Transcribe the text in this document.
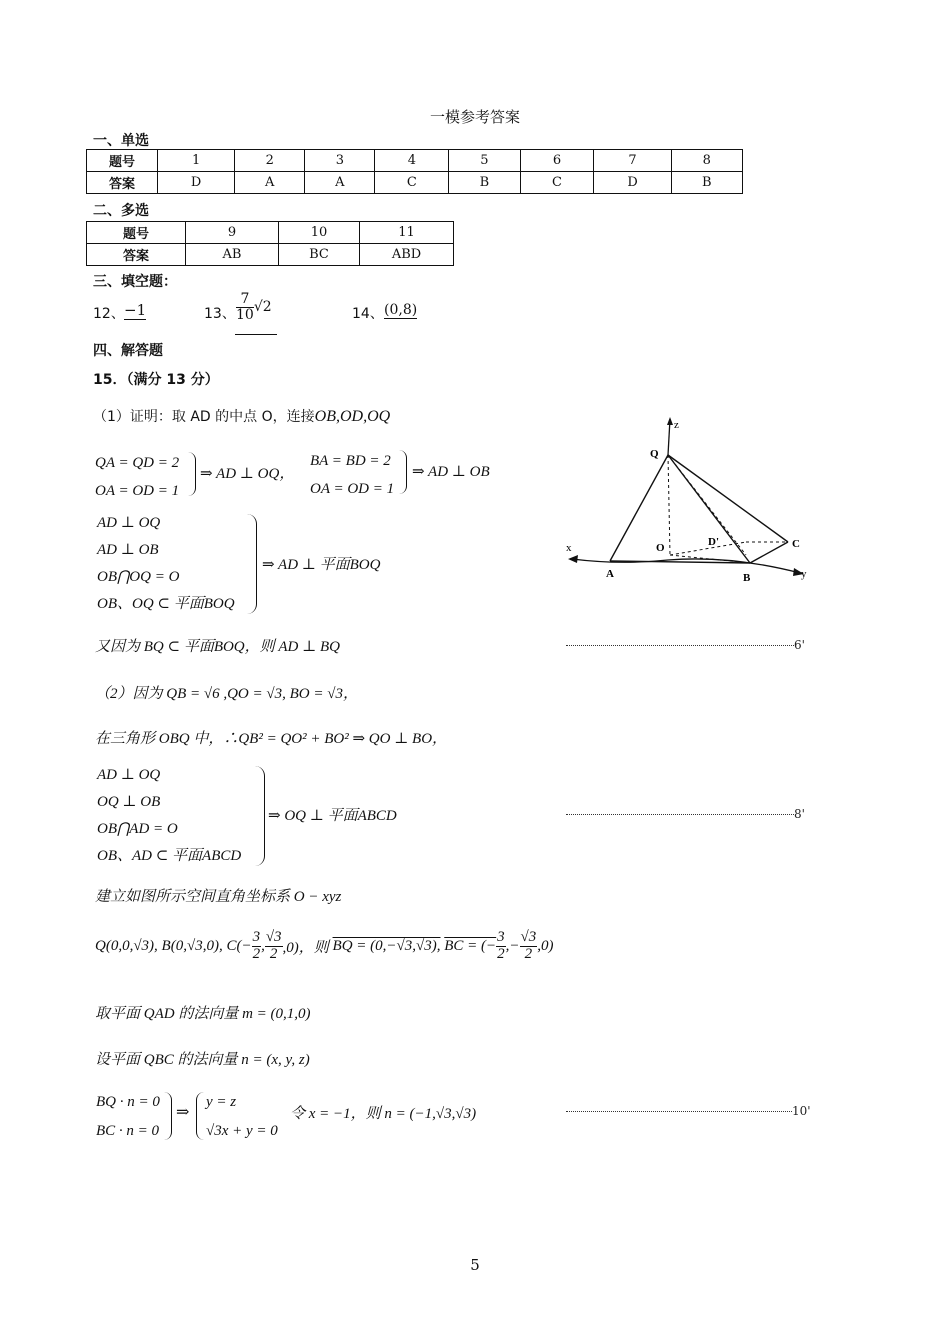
一模参考答案
一、单选
题号	1	2	3	4	5	6	7	8
答案	D	A	A	C	B	C	D	B
二、多选
题号	9	10	11
答案	AB	BC	ABD
三、填空题：
12、 −1	13、 $\frac{7}{10} √2$	14、 (0,8)
四、解答题
15．（满分 13 分）
（1）证明：取 AD 的中点 O，连接OB,OD,OQ
QA = QD = 2
OA = OD = 1
⇒ AD ⊥ OQ，
BA = BD = 2
OA = OD = 1
⇒ AD ⊥ OB
AD ⊥ OQ
AD ⊥ OB
OB⋂OQ = O
OB、OQ ⊂ 平面BOQ
⇒ AD ⊥ 平面BOQ
又因为 BQ ⊂ 平面BOQ，则 AD ⊥ BQ	6'
（2）因为 QB = √6 ,QO = √3, BO = √3，
在三角形 OBQ 中，∴QB² = QO² + BO² ⇒ QO ⊥ BO，
AD ⊥ OQ
OQ ⊥ OB
OB⋂AD = O
OB、AD ⊂ 平面ABCD
⇒ OQ ⊥ 平面ABCD	8'
建立如图所示空间直角坐标系 O − xyz
Q(0,0,√3), B(0,√3,0), $C(- \frac{3}{2}$ , $\frac{√3}{2} ,0$)，则 BQ = (0,−√3,√3), BC = (− $\frac{3}{2}$ ,− $\frac{√3}{2} ,0$)
取平面 QAD 的法向量 m = (0,1,0)
设平面 QBC 的法向量 n = (x, y, z)
BQ · n = 0
BC · n = 0
⇒
y = z
√3x + y = 0
令 x = −1，则 n = (−1,√3,√3)	10'
z
Q
O	D'	C
x
A	B	y
5
